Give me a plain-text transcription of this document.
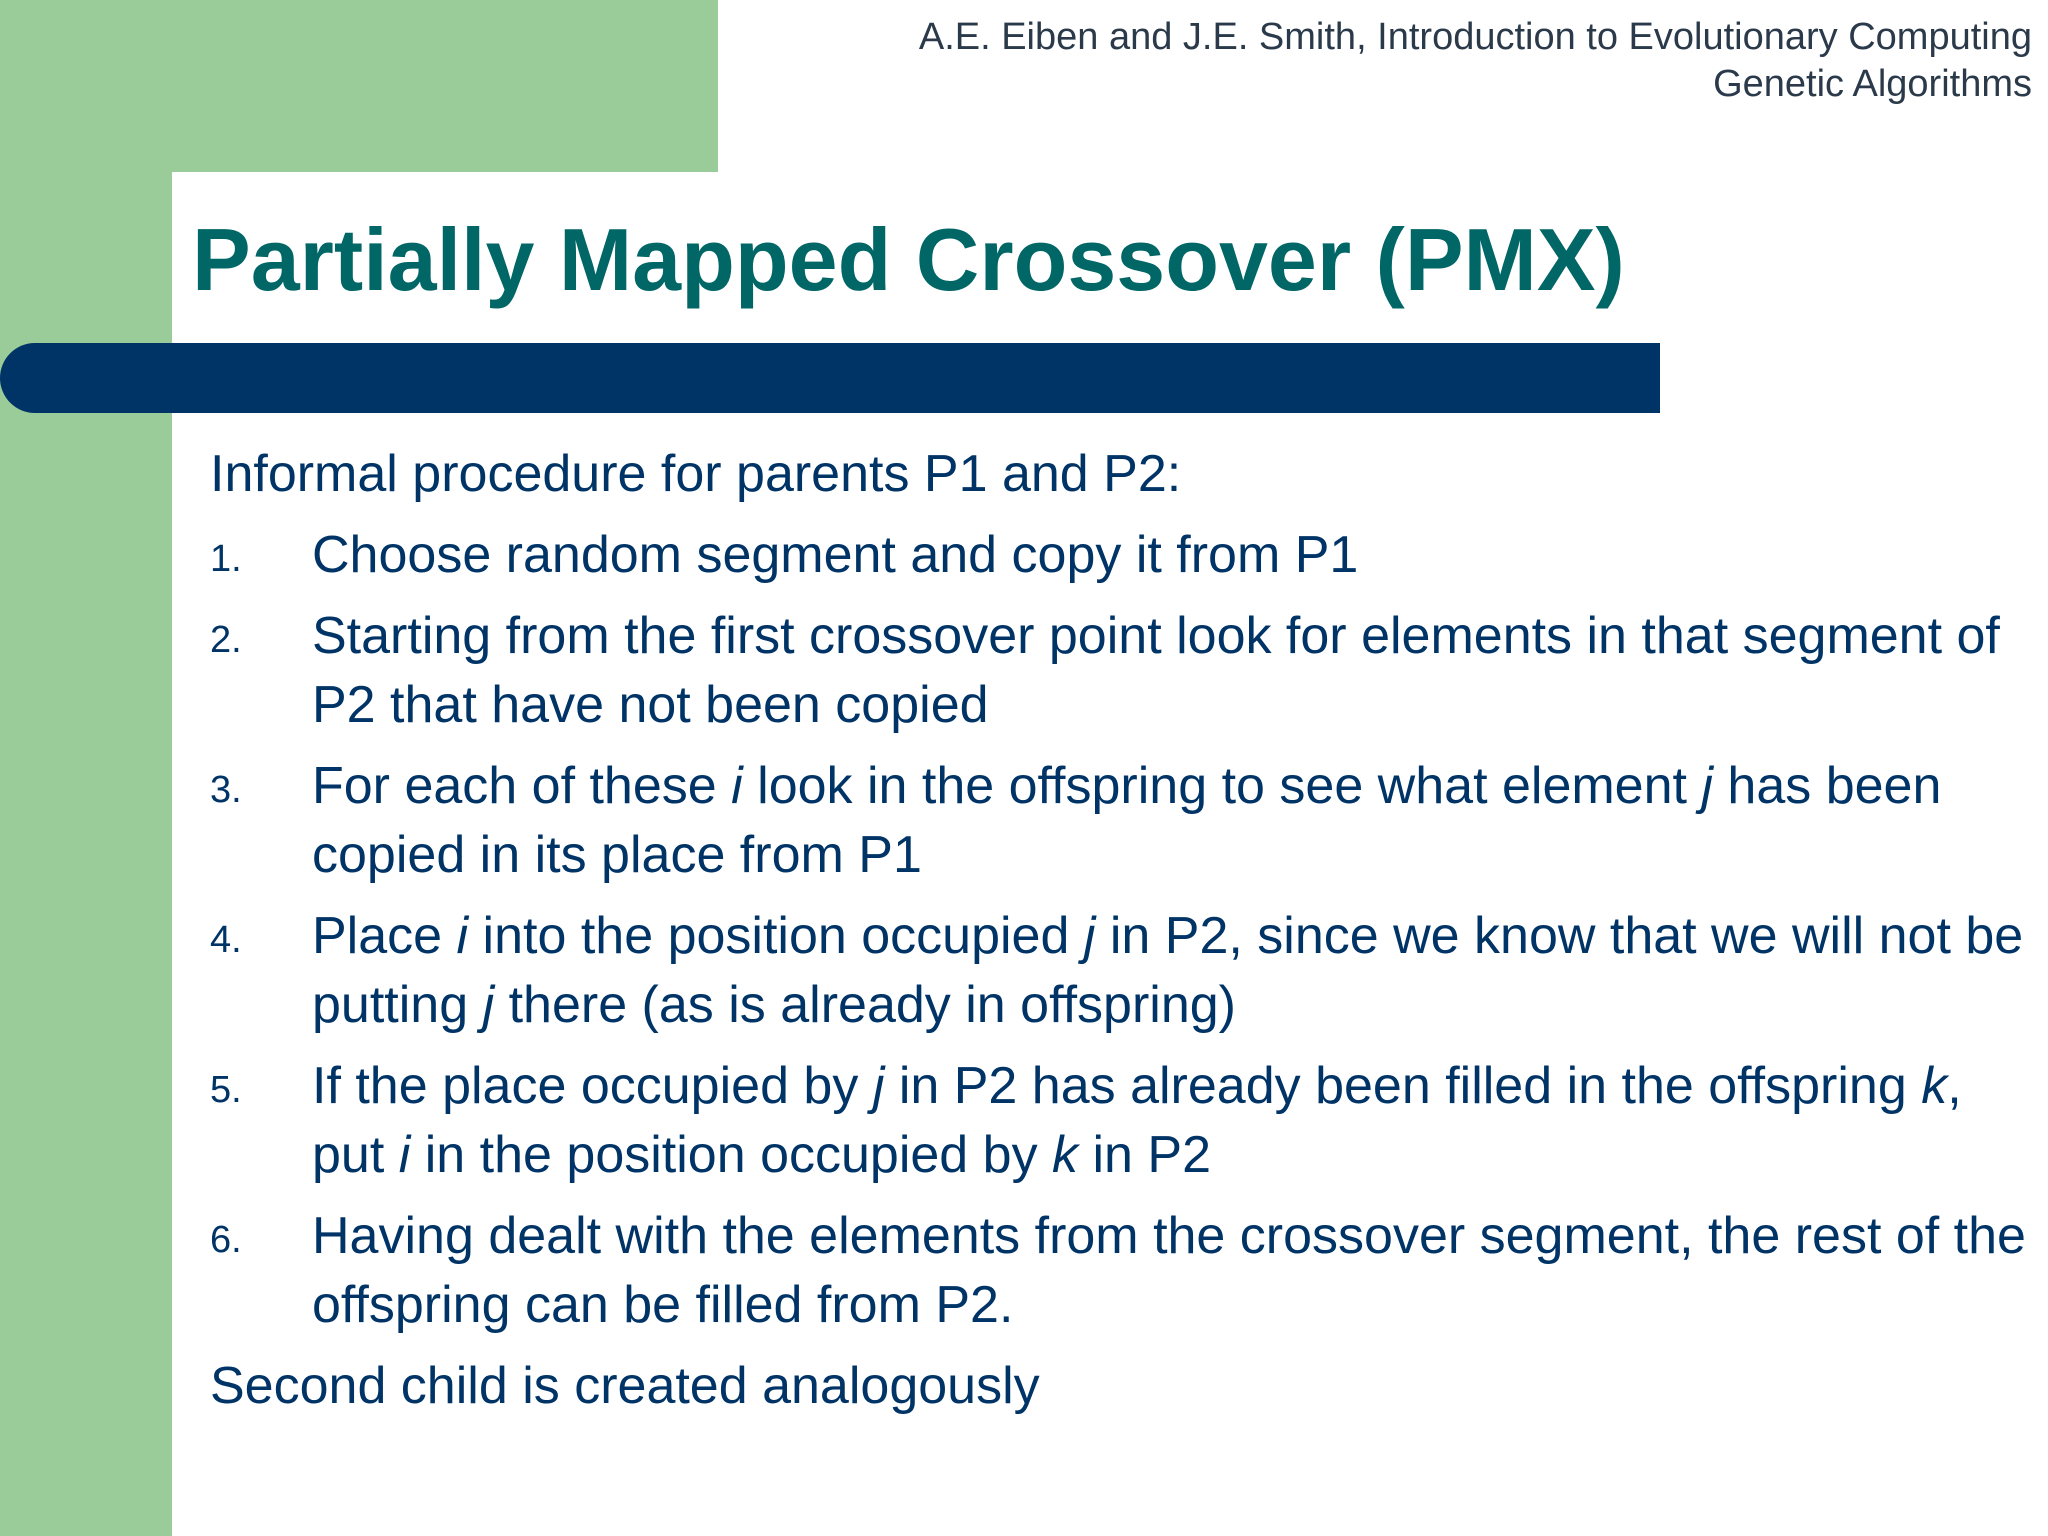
A.E. Eiben and J.E. Smith, Introduction to Evolutionary Computing
Genetic Algorithms
Partially Mapped Crossover (PMX)

Informal procedure for parents P1 and P2:

1. Choose random segment and copy it from P1
2. Starting from the first crossover point look for elements in that segment of P2 that have not been copied
3. For each of these i look in the offspring to see what element j has been copied in its place from P1
4. Place i into the position occupied j in P2, since we know that we will not be putting j there (as is already in offspring)
5. If the place occupied by j in P2 has already been filled in the offspring k, put i in the position occupied by k in P2
6. Having dealt with the elements from the crossover segment, the rest of the offspring can be filled from P2.

Second child is created analogously
